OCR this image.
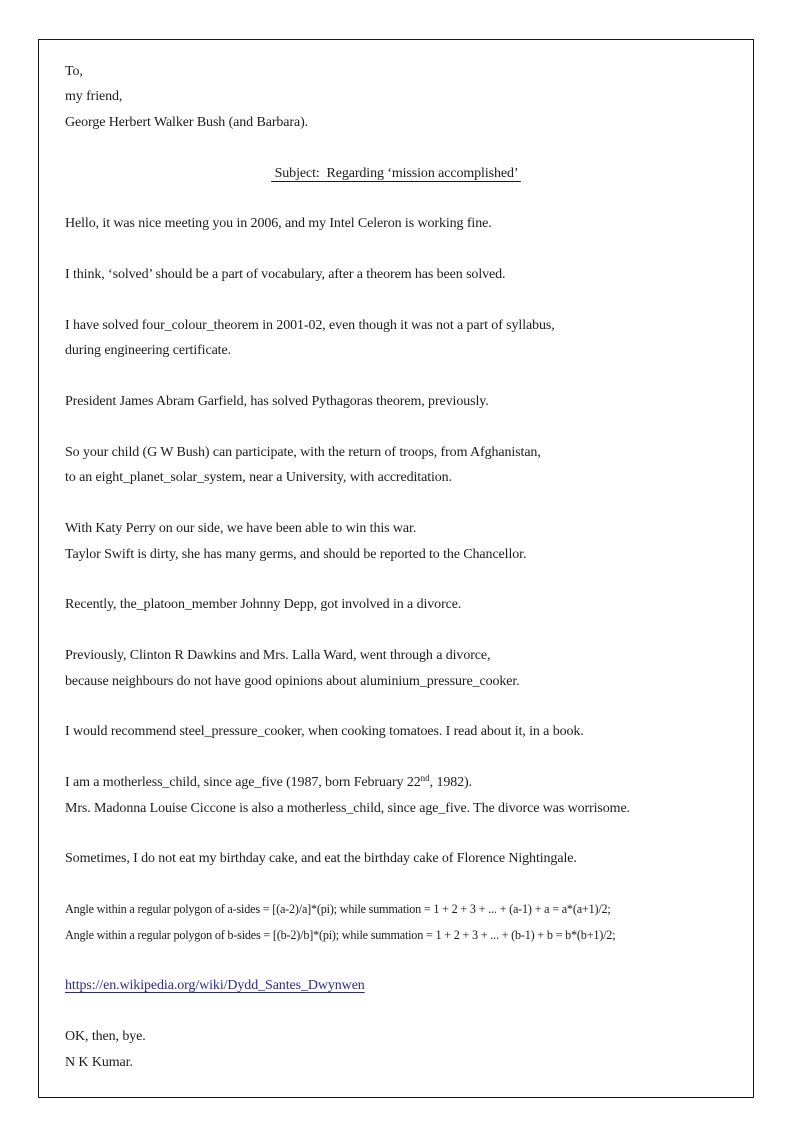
To,
my friend,
George Herbert Walker Bush (and Barbara).
Subject:  Regarding ‘mission accomplished’
Hello, it was nice meeting you in 2006, and my Intel Celeron is working fine.
I think, ‘solved’ should be a part of vocabulary, after a theorem has been solved.
I have solved four_colour_theorem in 2001-02, even though it was not a part of syllabus,
during engineering certificate.
President James Abram Garfield, has solved Pythagoras theorem, previously.
So your child (G W Bush) can participate, with the return of troops, from Afghanistan,
to an eight_planet_solar_system, near a University, with accreditation.
With Katy Perry on our side, we have been able to win this war.
Taylor Swift is dirty, she has many germs, and should be reported to the Chancellor.
Recently, the_platoon_member Johnny Depp, got involved in a divorce.
Previously, Clinton R Dawkins and Mrs. Lalla Ward, went through a divorce,
because neighbours do not have good opinions about aluminium_pressure_cooker.
I would recommend steel_pressure_cooker, when cooking tomatoes. I read about it, in a book.
I am a motherless_child, since age_five (1987, born February 22nd, 1982).
Mrs. Madonna Louise Ciccone is also a motherless_child, since age_five. The divorce was worrisome.
Sometimes, I do not eat my birthday cake, and eat the birthday cake of Florence Nightingale.
Angle within a regular polygon of a-sides = [(a-2)/a]*(pi); while summation = 1 + 2 + 3 + ... + (a-1) + a = a*(a+1)/2;
Angle within a regular polygon of b-sides = [(b-2)/b]*(pi); while summation = 1 + 2 + 3 + ... + (b-1) + b = b*(b+1)/2;
https://en.wikipedia.org/wiki/Dydd_Santes_Dwynwen
OK, then, bye.
N K Kumar.
